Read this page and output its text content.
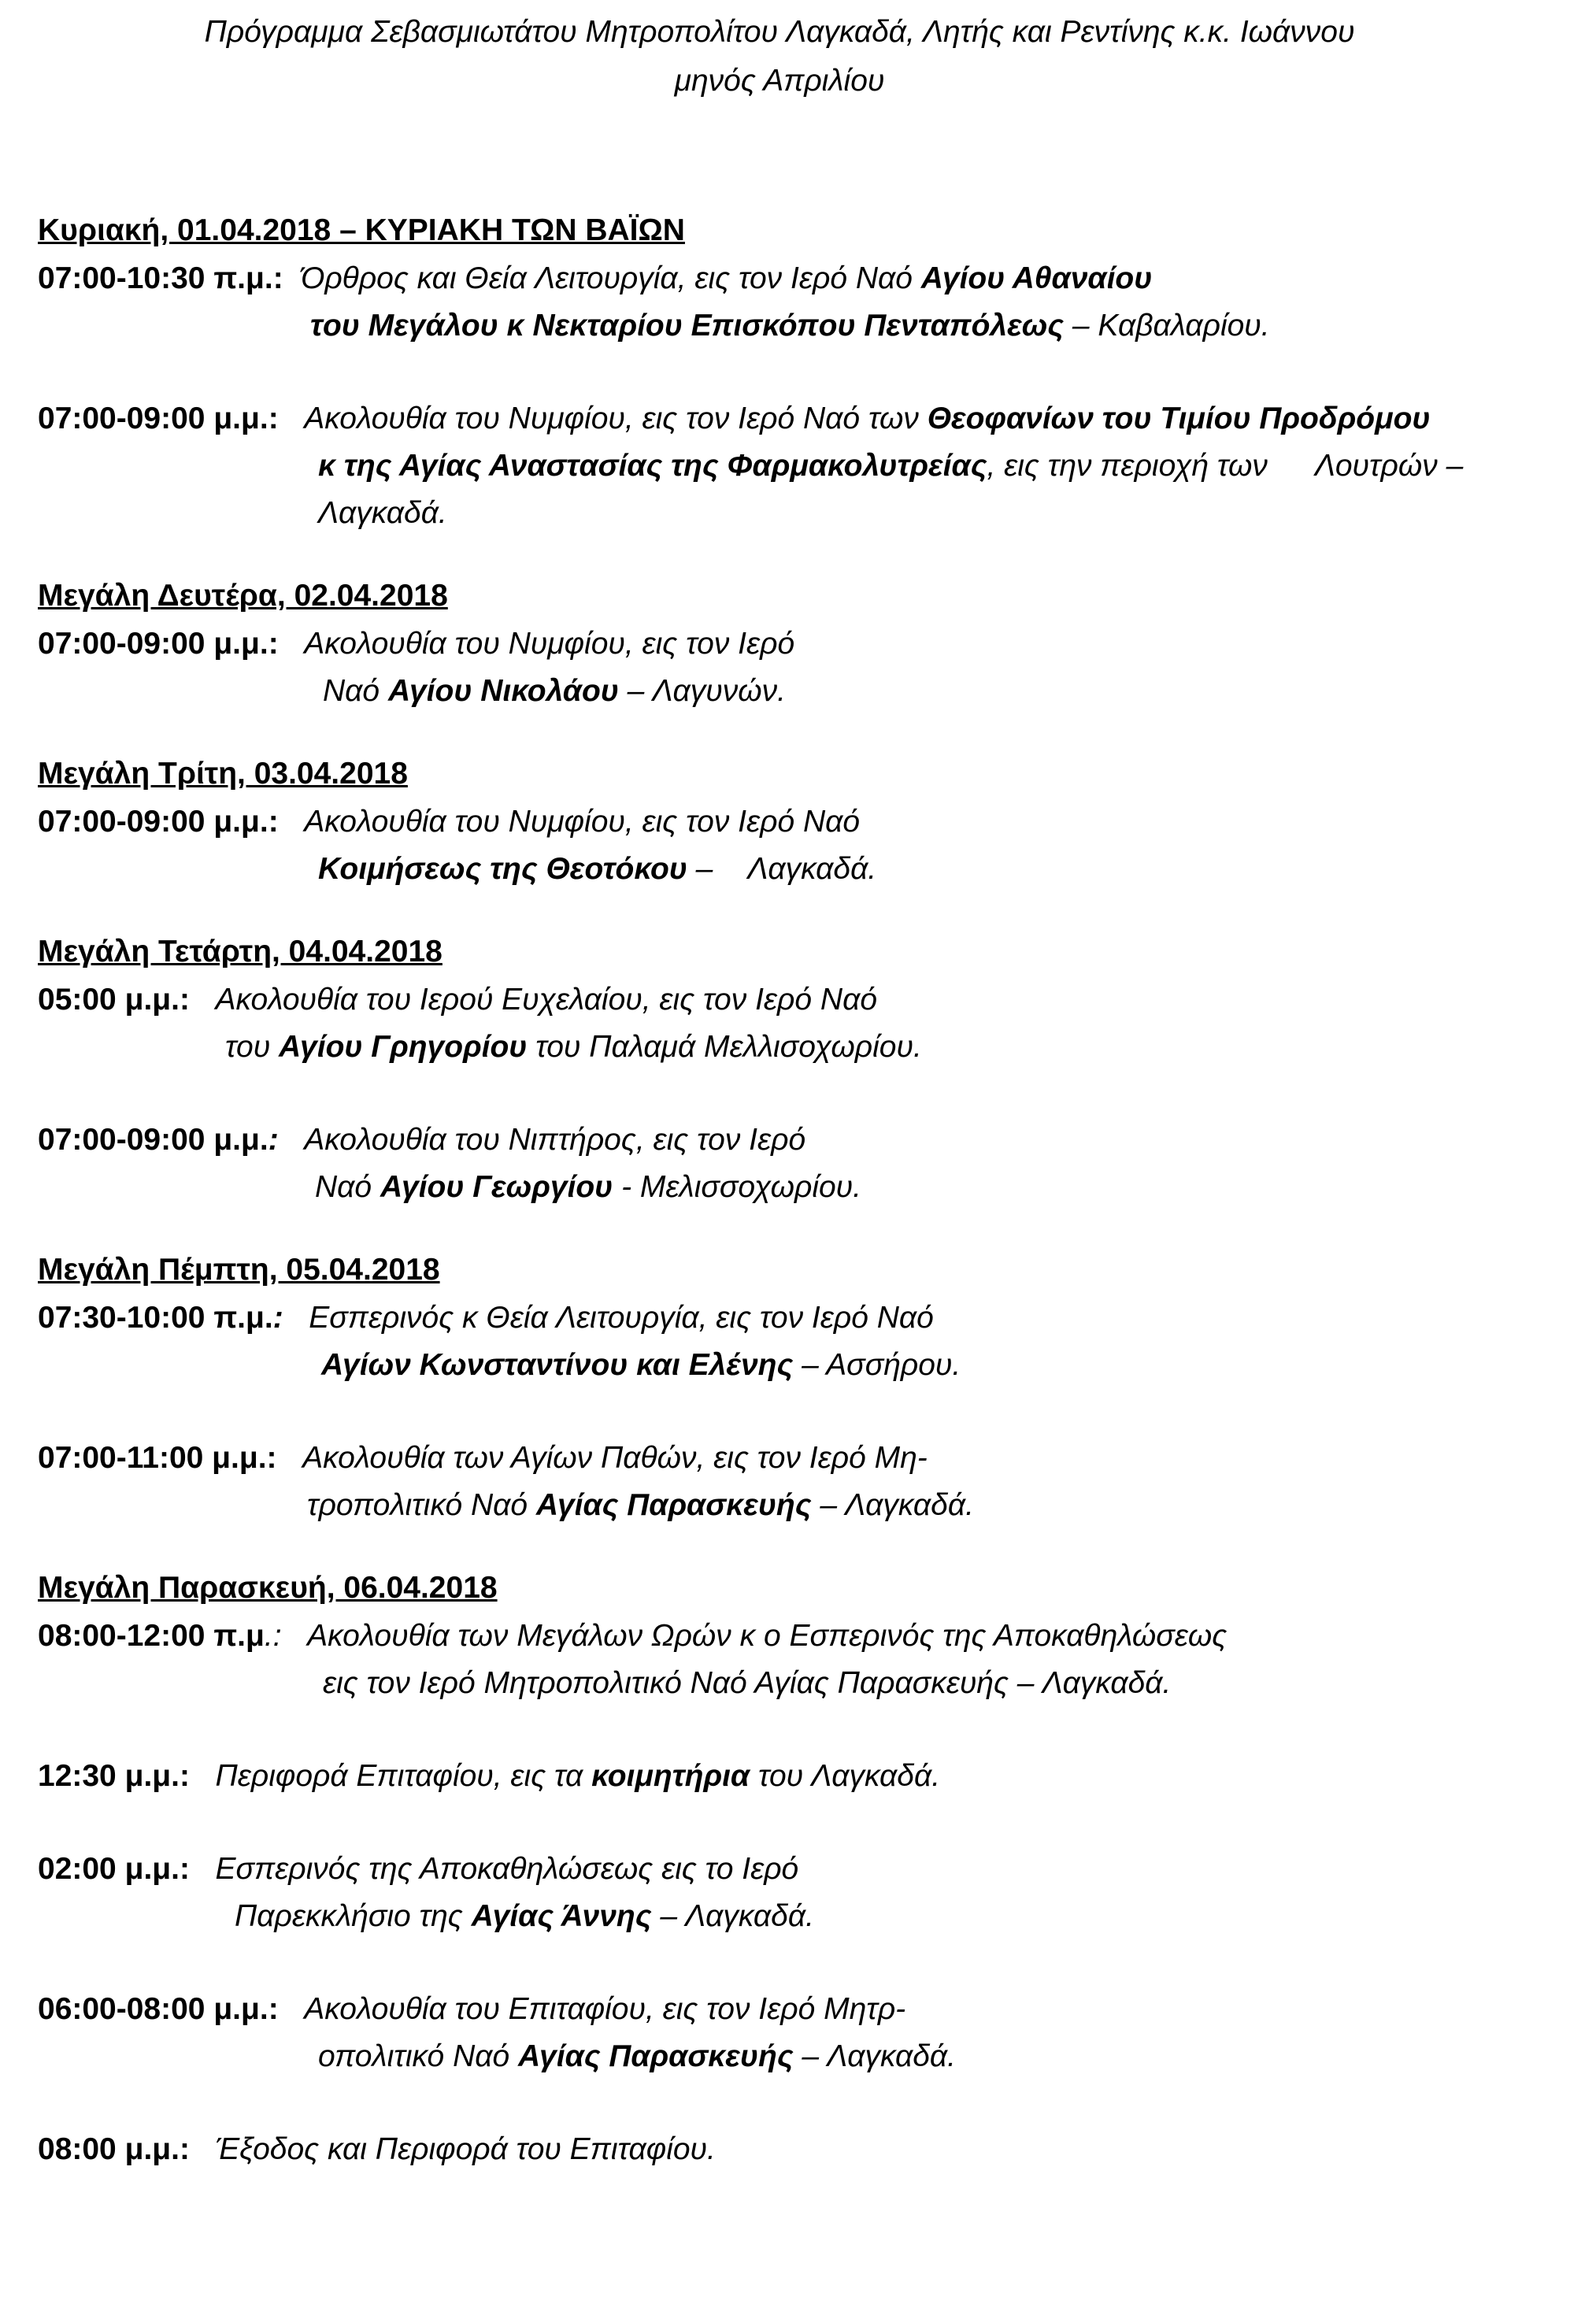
Πρόγραμμα Σεβασμιωτάτου Μητροπολίτου Λαγκαδά, Λητής και Ρεντίνης κ.κ. Ιωάννου
μηνός Απριλίου
Κυριακή, 01.04.2018 – ΚΥΡΙΑΚΗ ΤΩΝ ΒΑΪΩΝ
07:00-10:30 π.μ.: Όρθρος και Θεία Λειτουργία, εις τον Ιερό Ναό Αγίου Αθαναίου
του Μεγάλου κ Νεκταρίου Επισκόπου Πενταπόλεως – Καβαλαρίου.
07:00-09:00 μ.μ.: Ακολουθία του Νυμφίου, εις τον Ιερό Ναό των Θεοφανίων του Τιμίου Προδρόμου
κ της Αγίας Αναστασίας της Φαρμακολυτρείας, εις την περιοχή των Λουτρών –
Λαγκαδά.
Μεγάλη Δευτέρα, 02.04.2018
07:00-09:00 μ.μ.: Ακολουθία του Νυμφίου, εις τον Ιερό
Ναό Αγίου Νικολάου – Λαγυνών.
Μεγάλη Τρίτη, 03.04.2018
07:00-09:00 μ.μ.: Ακολουθία του Νυμφίου, εις τον Ιερό Ναό
Κοιμήσεως της Θεοτόκου – Λαγκαδά.
Μεγάλη Τετάρτη, 04.04.2018
05:00 μ.μ.: Ακολουθία του Ιερού Ευχελαίου, εις τον Ιερό Ναό
του Αγίου Γρηγορίου του Παλαμά Μελλισοχωρίου.
07:00-09:00 μ.μ.: Ακολουθία του Νιπτήρος, εις τον Ιερό
Ναό Αγίου Γεωργίου - Μελισσοχωρίου.
Μεγάλη Πέμπτη, 05.04.2018
07:30-10:00 π.μ.: Εσπερινός κ Θεία Λειτουργία, εις τον Ιερό Ναό
Αγίων Κωνσταντίνου και Ελένης – Ασσήρου.
07:00-11:00 μ.μ.: Ακολουθία των Αγίων Παθών, εις τον Ιερό Μη-
τροπολιτικό Ναό Αγίας Παρασκευής – Λαγκαδά.
Μεγάλη Παρασκευή, 06.04.2018
08:00-12:00 π.μ.: Ακολουθία των Μεγάλων Ωρών κ ο Εσπερινός της Αποκαθηλώσεως
εις τον Ιερό Μητροπολιτικό Ναό Αγίας Παρασκευής – Λαγκαδά.
12:30 μ.μ.: Περιφορά Επιταφίου, εις τα κοιμητήρια του Λαγκαδά.
02:00 μ.μ.: Εσπερινός της Αποκαθηλώσεως εις το Ιερό
Παρεκκλήσιο της Αγίας Άννης – Λαγκαδά.
06:00-08:00 μ.μ.: Ακολουθία του Επιταφίου, εις τον Ιερό Μητρ-
οπολιτικό Ναό Αγίας Παρασκευής – Λαγκαδά.
08:00 μ.μ.: Έξοδος και Περιφορά του Επιταφίου.
